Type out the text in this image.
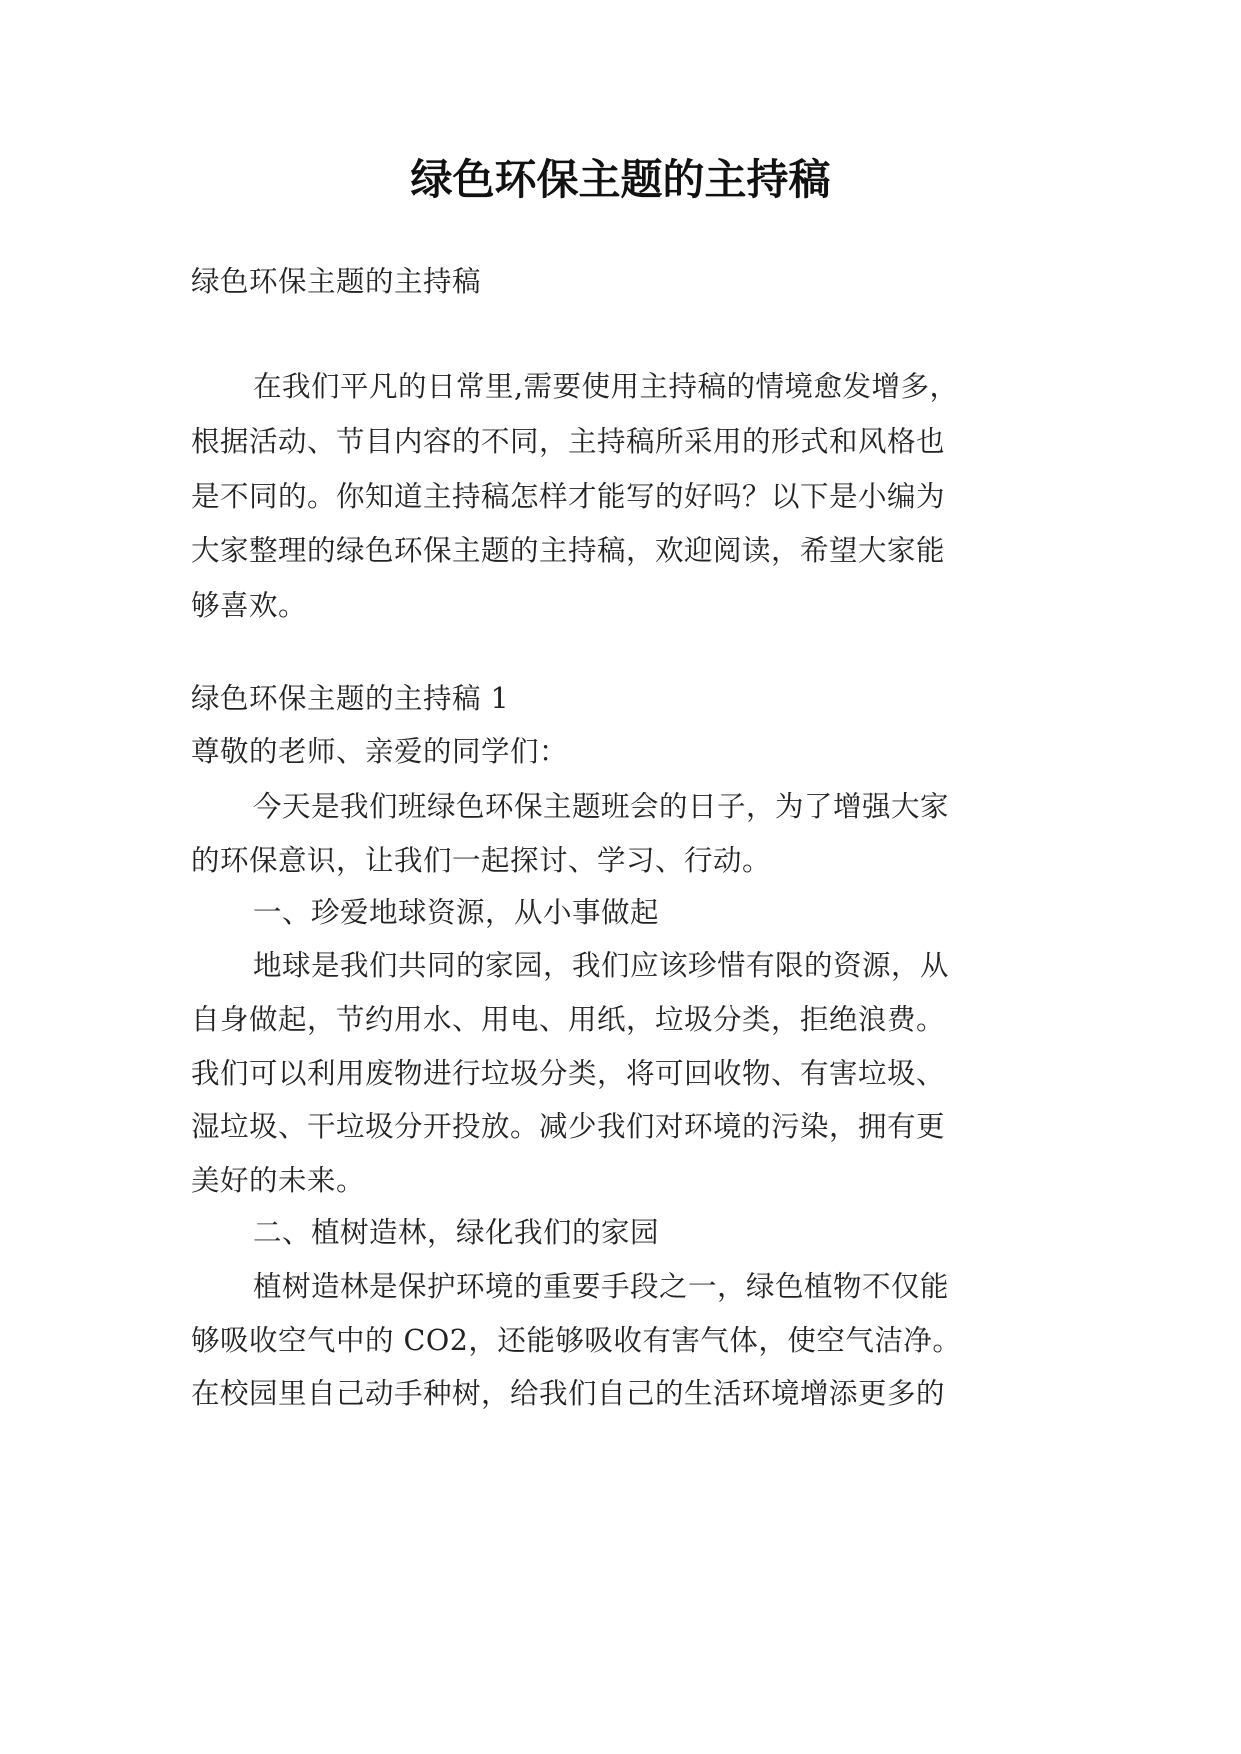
绿色环保主题的主持稿
绿色环保主题的主持稿
在我们平凡的日常里,需要使用主持稿的情境愈发增多，
根据活动、节目内容的不同，主持稿所采用的形式和风格也
是不同的。你知道主持稿怎样才能写的好吗？以下是小编为
大家整理的绿色环保主题的主持稿，欢迎阅读，希望大家能
够喜欢。
绿色环保主题的主持稿 1
尊敬的老师、亲爱的同学们：
今天是我们班绿色环保主题班会的日子，为了增强大家
的环保意识，让我们一起探讨、学习、行动。
一、珍爱地球资源，从小事做起
地球是我们共同的家园，我们应该珍惜有限的资源，从
自身做起，节约用水、用电、用纸，垃圾分类，拒绝浪费。
我们可以利用废物进行垃圾分类，将可回收物、有害垃圾、
湿垃圾、干垃圾分开投放。减少我们对环境的污染，拥有更
美好的未来。
二、植树造林，绿化我们的家园
植树造林是保护环境的重要手段之一，绿色植物不仅能
够吸收空气中的 CO2，还能够吸收有害气体，使空气洁净。
在校园里自己动手种树，给我们自己的生活环境增添更多的
